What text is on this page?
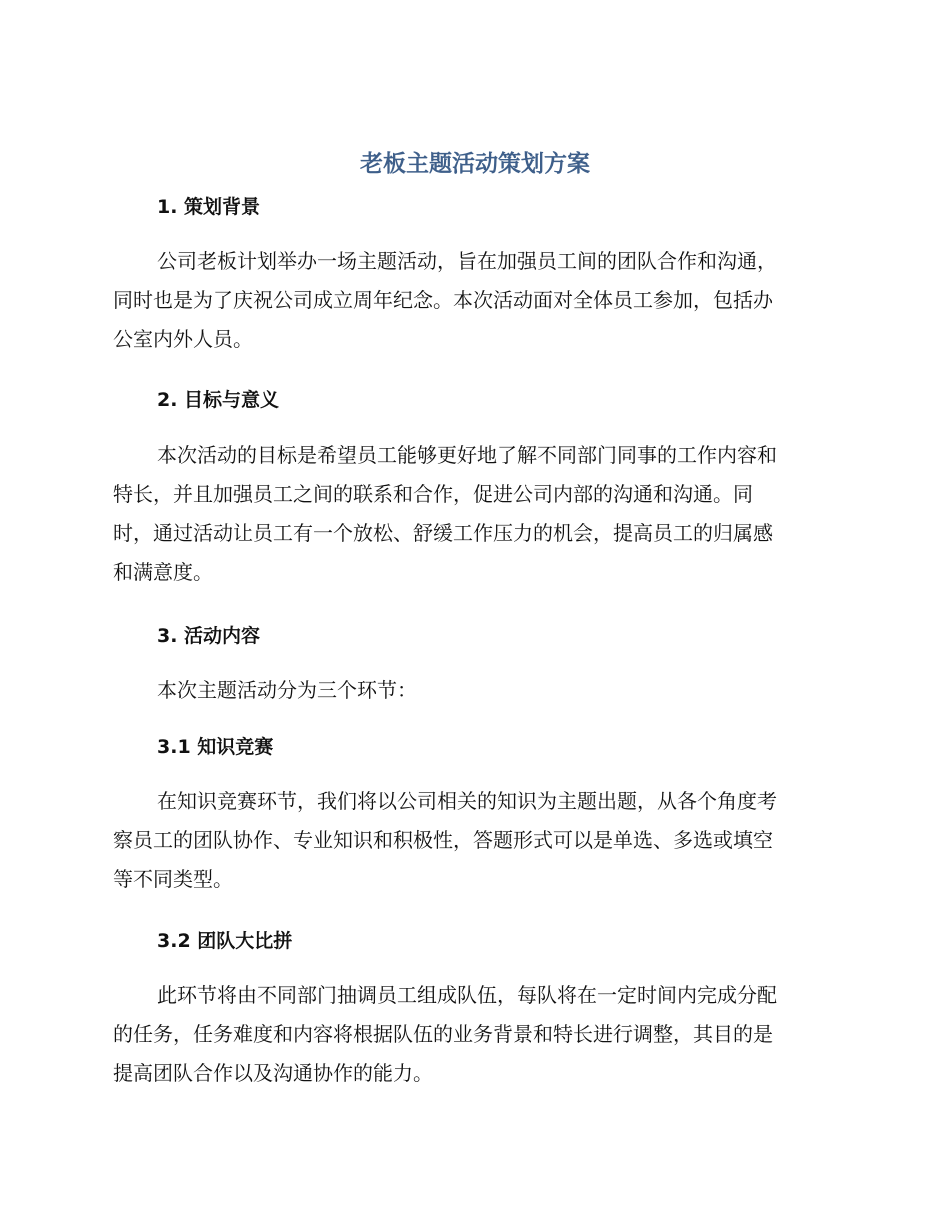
老板主题活动策划方案
1. 策划背景
公司老板计划举办一场主题活动，旨在加强员工间的团队合作和沟通，
同时也是为了庆祝公司成立周年纪念。本次活动面对全体员工参加，包括办
公室内外人员。
2. 目标与意义
本次活动的目标是希望员工能够更好地了解不同部门同事的工作内容和
特长，并且加强员工之间的联系和合作，促进公司内部的沟通和沟通。同
时，通过活动让员工有一个放松、舒缓工作压力的机会，提高员工的归属感
和满意度。
3. 活动内容
本次主题活动分为三个环节：
3.1 知识竞赛
在知识竞赛环节，我们将以公司相关的知识为主题出题，从各个角度考
察员工的团队协作、专业知识和积极性，答题形式可以是单选、多选或填空
等不同类型。
3.2 团队大比拼
此环节将由不同部门抽调员工组成队伍，每队将在一定时间内完成分配
的任务，任务难度和内容将根据队伍的业务背景和特长进行调整，其目的是
提高团队合作以及沟通协作的能力。
